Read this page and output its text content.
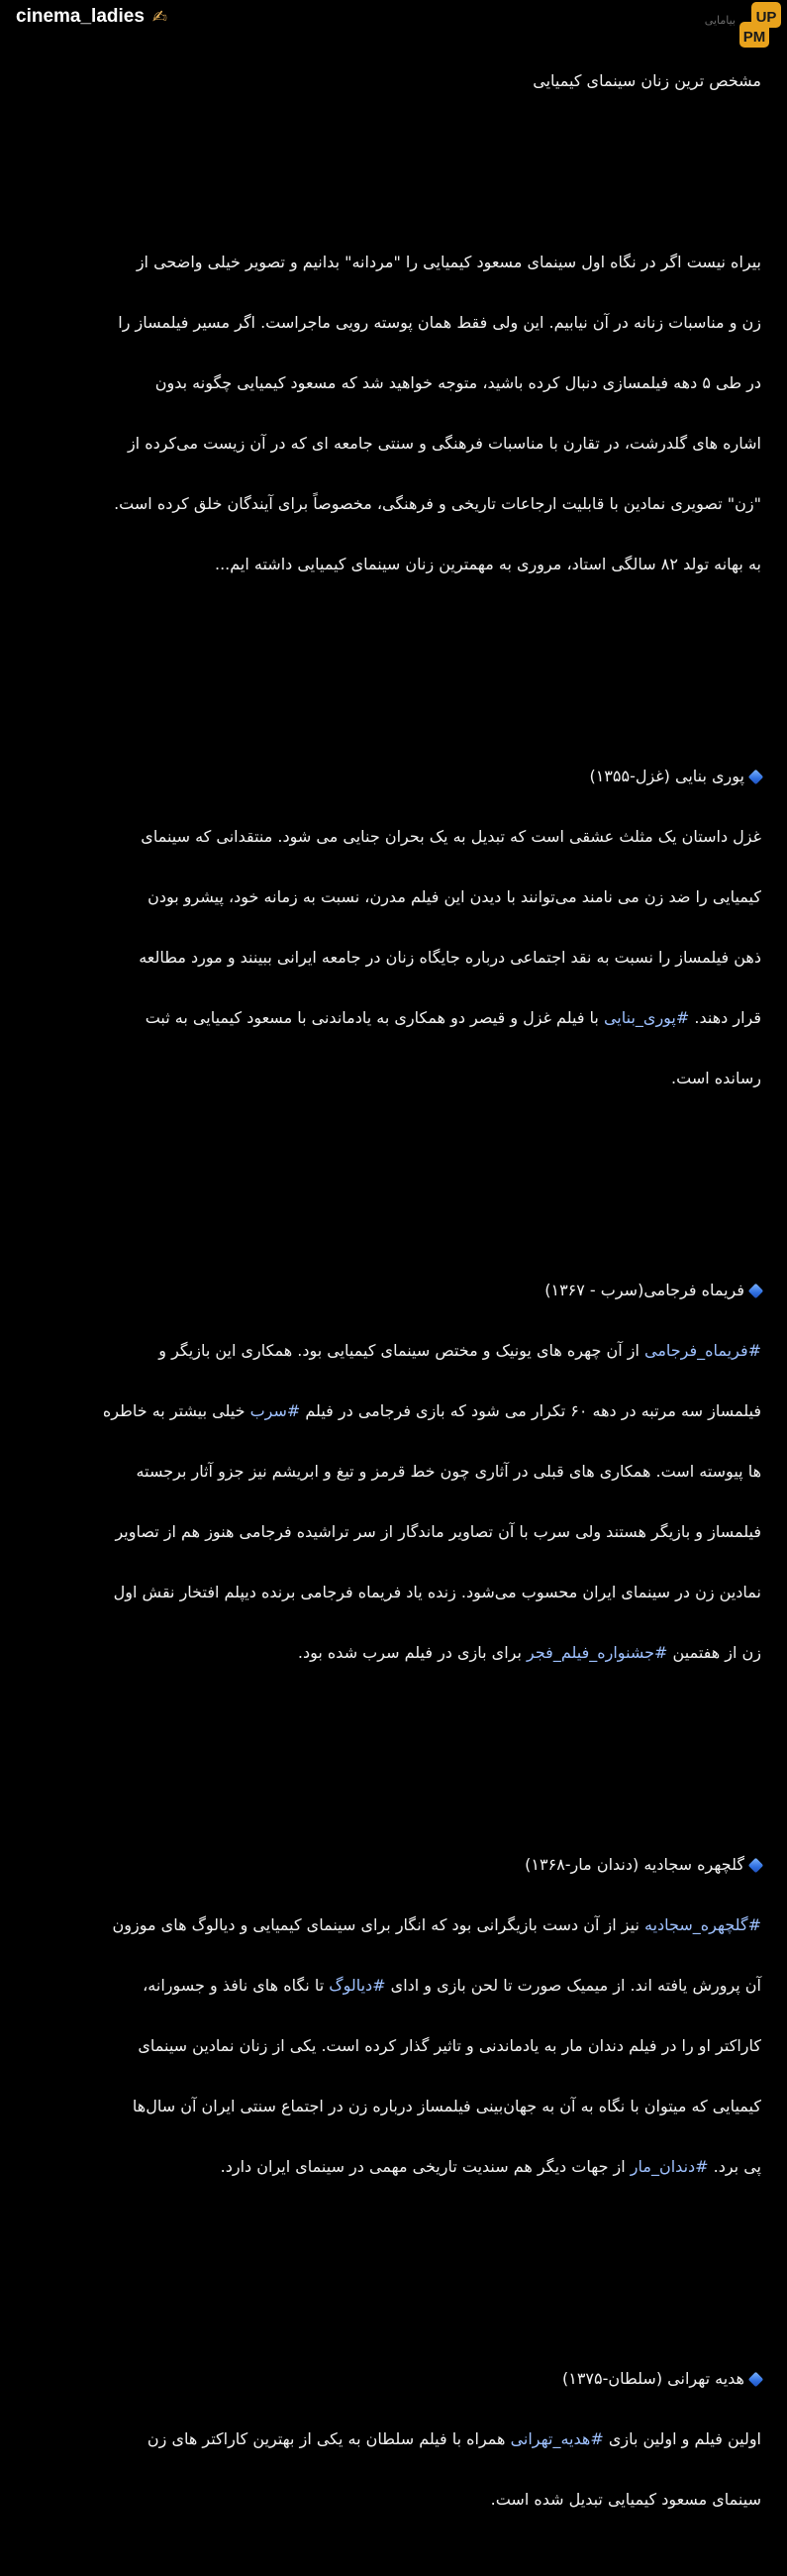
cinema_ladies ✍	بیامایی UP
PM

مشخص ترین زنان سینمای کیمیایی

بیراه نیست اگر در نگاه اول سینمای مسعود کیمیایی را "مردانه" بدانیم و تصویر خیلی واضحی از

زن و مناسبات زنانه در آن نیابیم. این ولی فقط همان پوسته رویی ماجراست. اگر مسیر فیلمساز را

در طی ۵ دهه فیلمسازی دنبال کرده باشید، متوجه خواهید شد که مسعود کیمیایی چگونه بدون

اشاره های گلدرشت، در تقارن با مناسبات فرهنگی و سنتی جامعه ای که در آن زیست می‌کرده از

"زن" تصویری نمادین با قابلیت ارجاعات تاریخی و فرهنگی، مخصوصاً برای آیندگان خلق کرده است.

به بهانه تولد ۸۲ سالگی استاد، مروری به مهمترین زنان سینمای کیمیایی داشته ایم...

پوری بنایی (غزل-۱۳۵۵)

غزل داستان یک مثلث عشقی است که تبدیل به یک بحران جنایی می شود. منتقدانی که سینمای

کیمیایی را ضد زن می نامند می‌توانند با دیدن این فیلم مدرن، نسبت به زمانه خود، پیشرو بودن

ذهن فیلمساز را نسبت به نقد اجتماعی درباره جایگاه زنان در جامعه ایرانی ببینند و مورد مطالعه

قرار دهند. #پوری_بنایی با فیلم غزل و قیصر دو همکاری به یادماندنی با مسعود کیمیایی به ثبت

رسانده است.

فریماه فرجامی(سرب - ۱۳۶۷)

#فریماه_فرجامی از آن چهره های یونیک و مختص سینمای کیمیایی بود. همکاری این بازیگر و

فیلمساز سه مرتبه در دهه ۶۰ تکرار می شود که بازی فرجامی در فیلم #سرب خیلی بیشتر به خاطره

ها پیوسته است. همکاری های قبلی در آثاری چون خط قرمز و تیغ و ابریشم نیز جزو آثار برجسته

فیلمساز و بازیگر هستند ولی سرب با آن تصاویر ماندگار از سر تراشیده فرجامی هنوز هم از تصاویر

نمادین زن در سینمای ایران محسوب می‌شود. زنده یاد فریماه فرجامی برنده دیپلم افتخار نقش اول

زن از هفتمین #جشنواره_فیلم_فجر برای بازی در فیلم سرب شده بود.

گلچهره سجادیه (دندان مار-۱۳۶۸)

#گلچهره_سجادیه نیز از آن دست بازیگرانی بود که انگار برای سینمای کیمیایی و دیالوگ های موزون

آن پرورش یافته اند. از میمیک صورت تا لحن بازی و ادای #دیالوگ تا نگاه های نافذ و جسورانه،

کاراکتر او را در فیلم دندان مار به یادماندنی و تاثیر گذار کرده است. یکی از زنان نمادین سینمای

کیمیایی که میتوان با نگاه به آن به جهان‌بینی فیلمساز درباره زن در اجتماع سنتی ایران آن سال‌ها

پی برد. #دندان_مار از جهات دیگر هم سندیت تاریخی مهمی در سینمای ایران دارد.

هدیه تهرانی (سلطان-۱۳۷۵)

اولین فیلم و اولین بازی #هدیه_تهرانی همراه با فیلم سلطان به یکی از بهترین کاراکتر های زن

سینمای مسعود کیمیایی تبدیل شده است.
